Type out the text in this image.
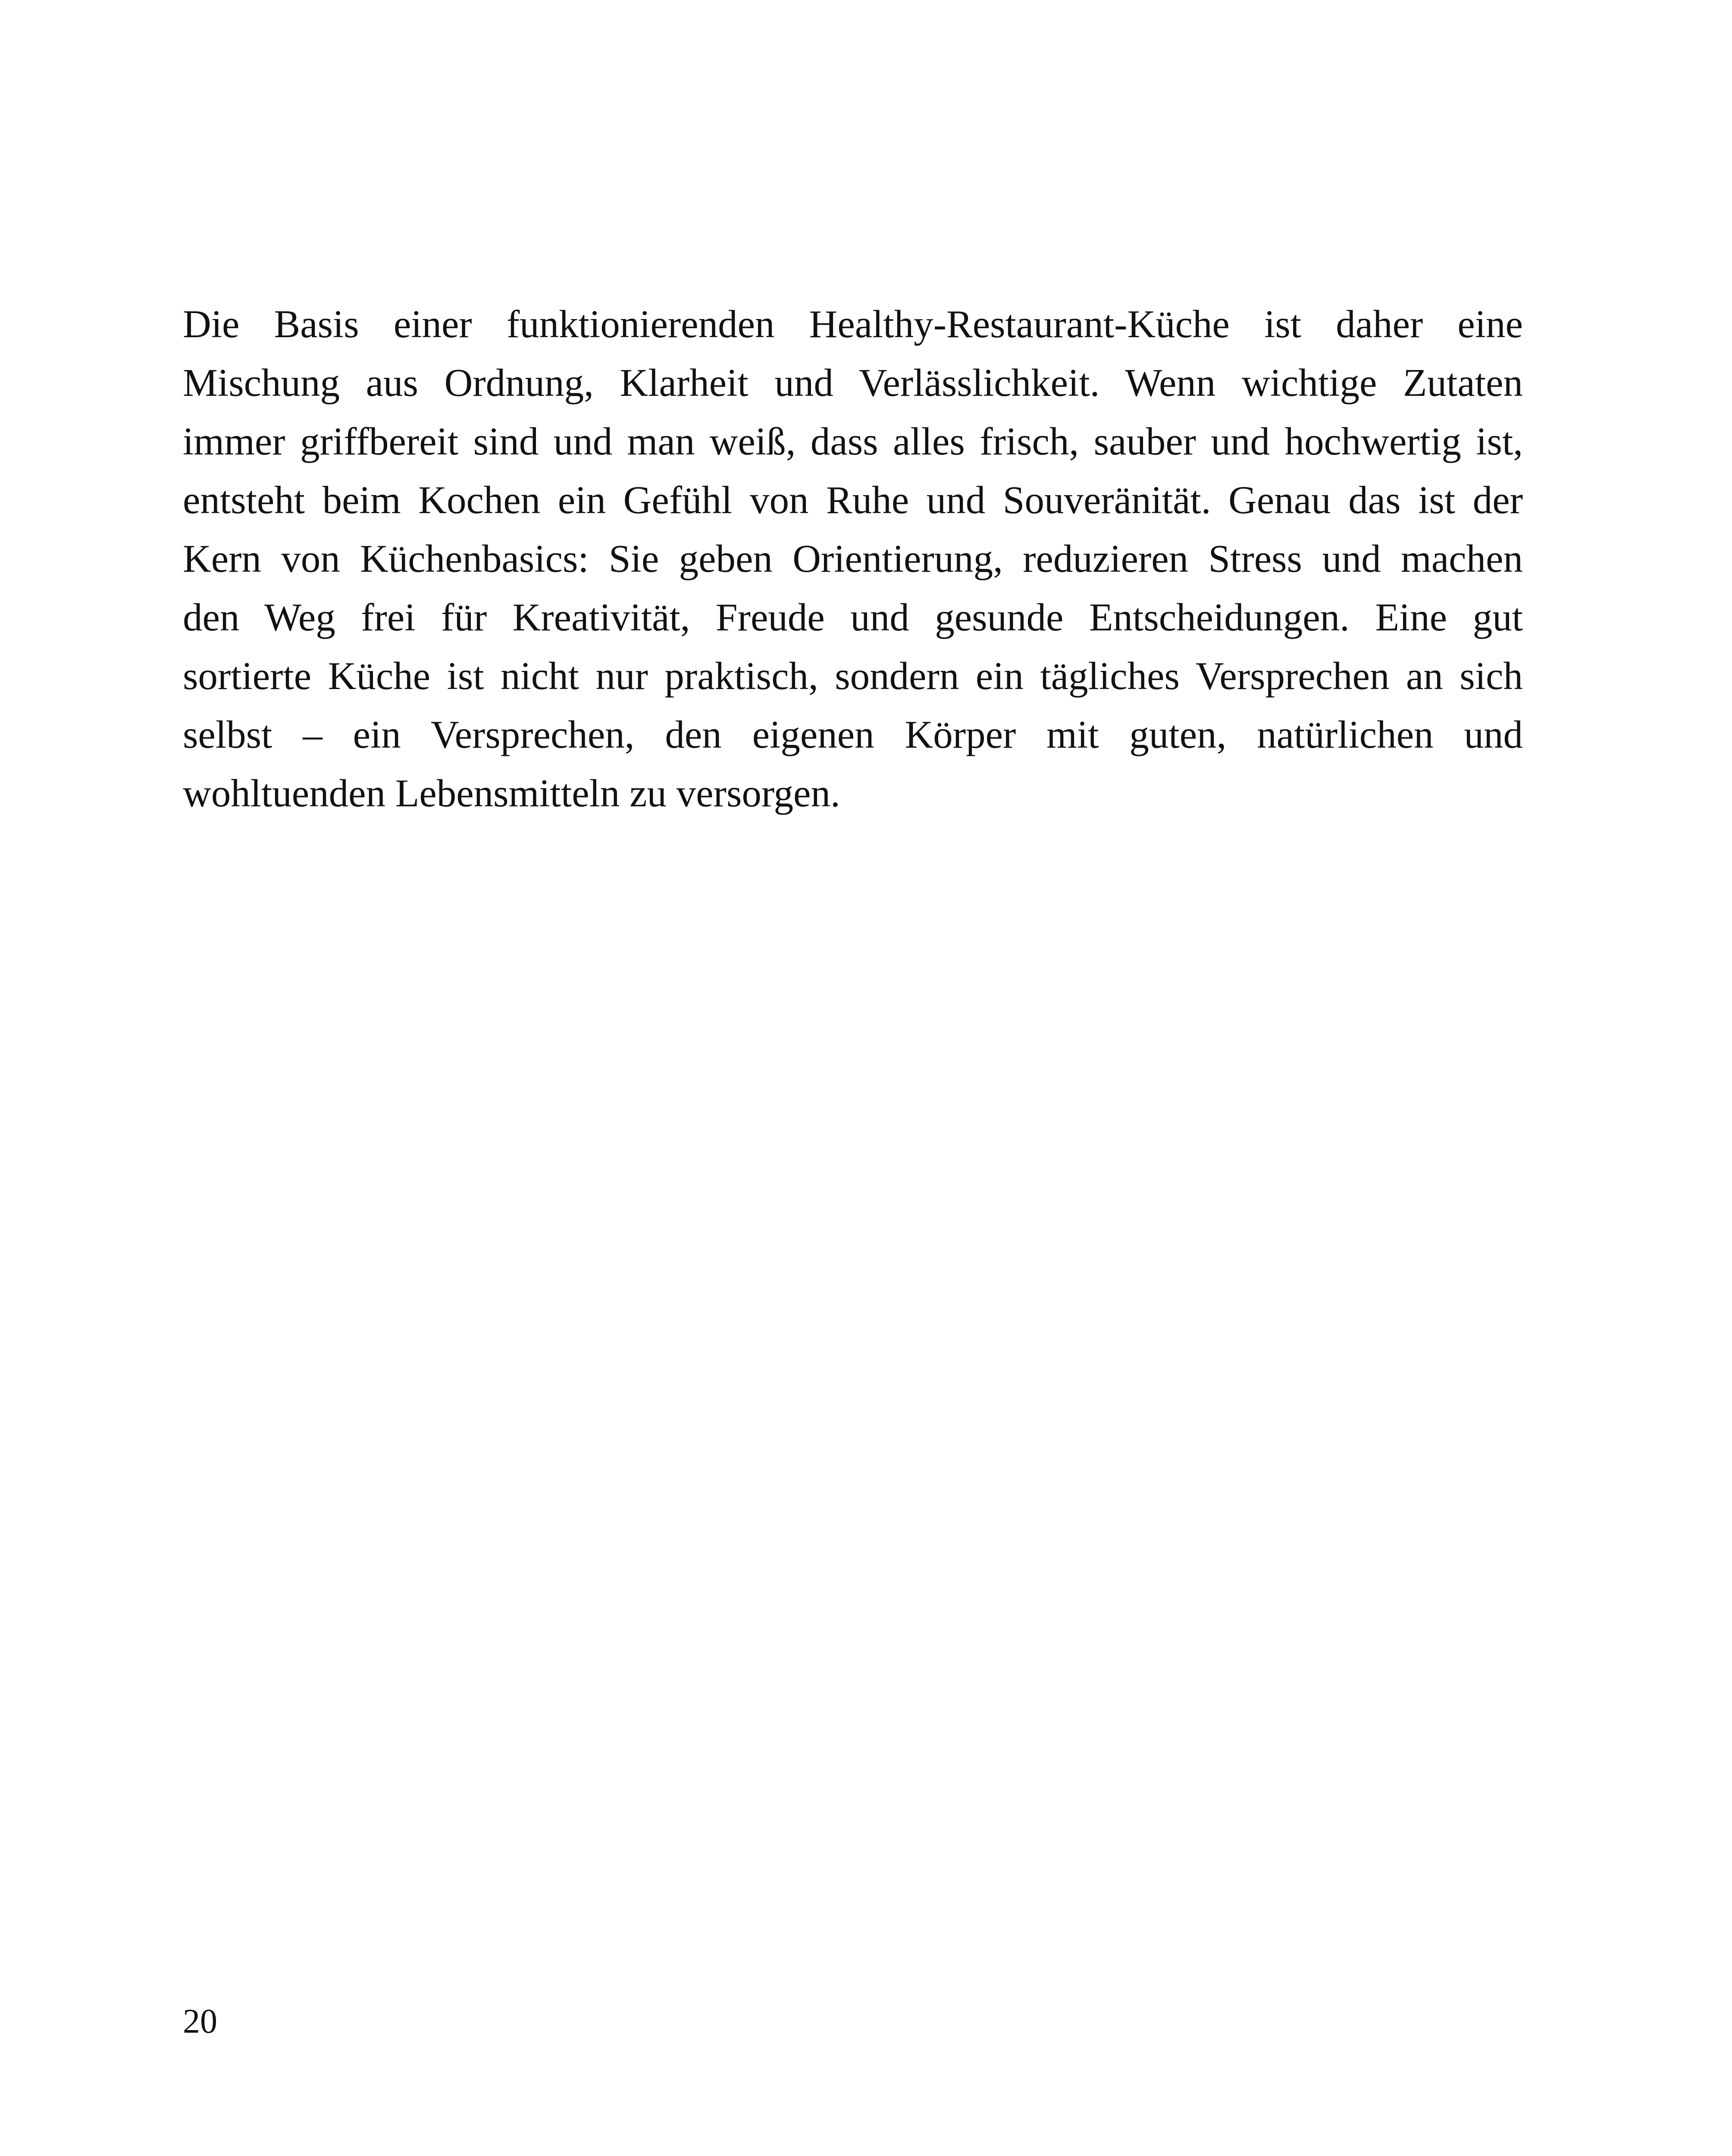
Die Basis einer funktionierenden Healthy-Restaurant-Küche ist daher eine
Mischung aus Ordnung, Klarheit und Verlässlichkeit. Wenn wichtige Zutaten
immer griffbereit sind und man weiß, dass alles frisch, sauber und hochwertig ist,
entsteht beim Kochen ein Gefühl von Ruhe und Souveränität. Genau das ist der
Kern von Küchenbasics: Sie geben Orientierung, reduzieren Stress und machen
den Weg frei für Kreativität, Freude und gesunde Entscheidungen. Eine gut
sortierte Küche ist nicht nur praktisch, sondern ein tägliches Versprechen an sich
selbst – ein Versprechen, den eigenen Körper mit guten, natürlichen und
wohltuenden Lebensmitteln zu versorgen.

20
